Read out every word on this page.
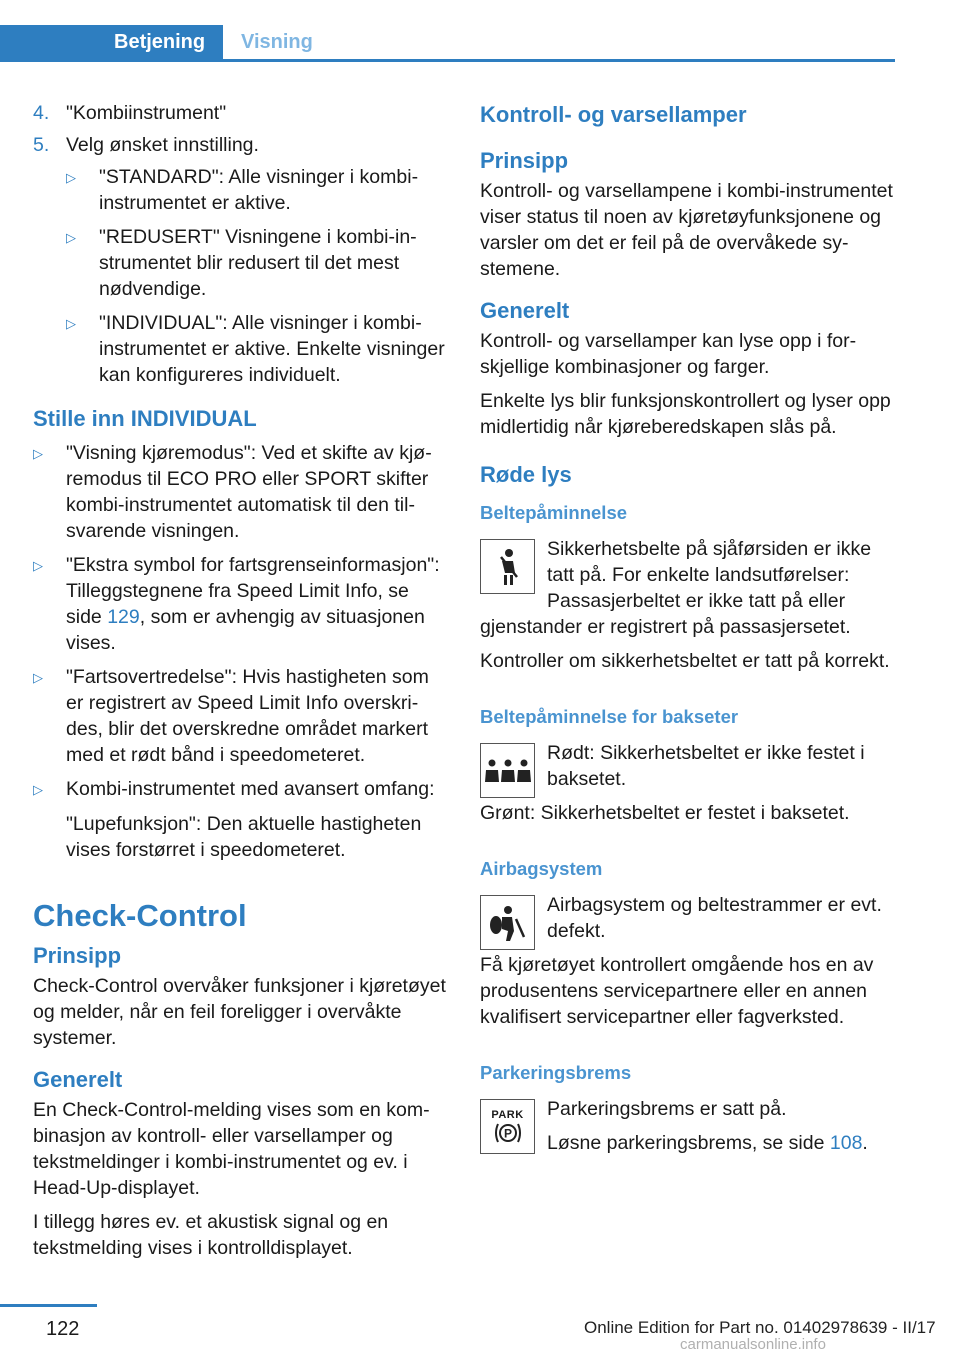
Betjening	Visning
4. "Kombiinstrument"
5. Velg ønsket innstilling.
▷	"STANDARD": Alle visninger i kombiinstrumentet er aktive.
▷	"REDUSERT" Visningene i kombi-instrumentet blir redusert til det mest nødvendige.
▷	"INDIVIDUAL": Alle visninger i kombiinstrumentet er aktive. Enkelte visninger kan konfigureres individuelt.
Stille inn INDIVIDUAL
▷	"Visning kjøremodus": Ved et skifte av kjøremodus til ECO PRO eller SPORT skifter kombi-instrumentet automatisk til den tilsvarende visningen.
▷	"Ekstra symbol for fartsgrenseinformasjon": Tilleggstegnene fra Speed Limit Info, se side 129, som er avhengig av situasjonen vises.
▷	"Fartsovertredelse": Hvis hastigheten som er registrert av Speed Limit Info overskrides, blir det overskredne området markert med et rødt bånd i speedometeret.
▷	Kombi-instrumentet med avansert omfang:
"Lupefunksjon": Den aktuelle hastigheten vises forstørret i speedometeret.
Check-Control
Prinsipp

Check-Control overvåker funksjoner i kjøretøyet og melder, når en feil foreligger i overvåkte systemer.

Generelt

En Check-Control-melding vises som en kombinasjon av kontroll- eller varsellamper og tekstmeldinger i kombi-instrumentet og ev. i Head-Up-displayet.

I tillegg høres ev. et akustisk signal og en tekstmelding vises i kontrolldisplayet.

Kontroll- og varsellamper
Prinsipp

Kontroll- og varsellampene i kombi-instrumentet viser status til noen av kjøretøyfunksjonene og varsler om det er feil på de overvåkede systemene.

Generelt

Kontroll- og varsellamper kan lyse opp i forskjellige kombinasjoner og farger.

Enkelte lys blir funksjonskontrollert og lyser opp midlertidig når kjøreberedskapen slås på.

Røde lys
Beltepåminnelse

Sikkerhetsbelte på sjåførsiden er ikke tatt på. For enkelte landsutførelser: Passasjerbeltet er ikke tatt på eller gjenstander er registrert på passasjersetet.

Kontroller om sikkerhetsbeltet er tatt på korrekt.

Beltepåminnelse for bakseter

Rødt: Sikkerhetsbeltet er ikke festet i baksetet.

Grønt: Sikkerhetsbeltet er festet i baksetet.

Airbagsystem

Airbagsystem og beltestrammer er evt. defekt.

Få kjøretøyet kontrollert omgående hos en av produsentens servicepartnere eller en annen kvalifisert servicepartner eller fagverksted.

Parkeringsbrems
PARK
P

Parkeringsbrems er satt på.

Løsne parkeringsbrems, se side 108.

122	Online Edition for Part no. 01402978639 - II/17
carmanualsonline.info
